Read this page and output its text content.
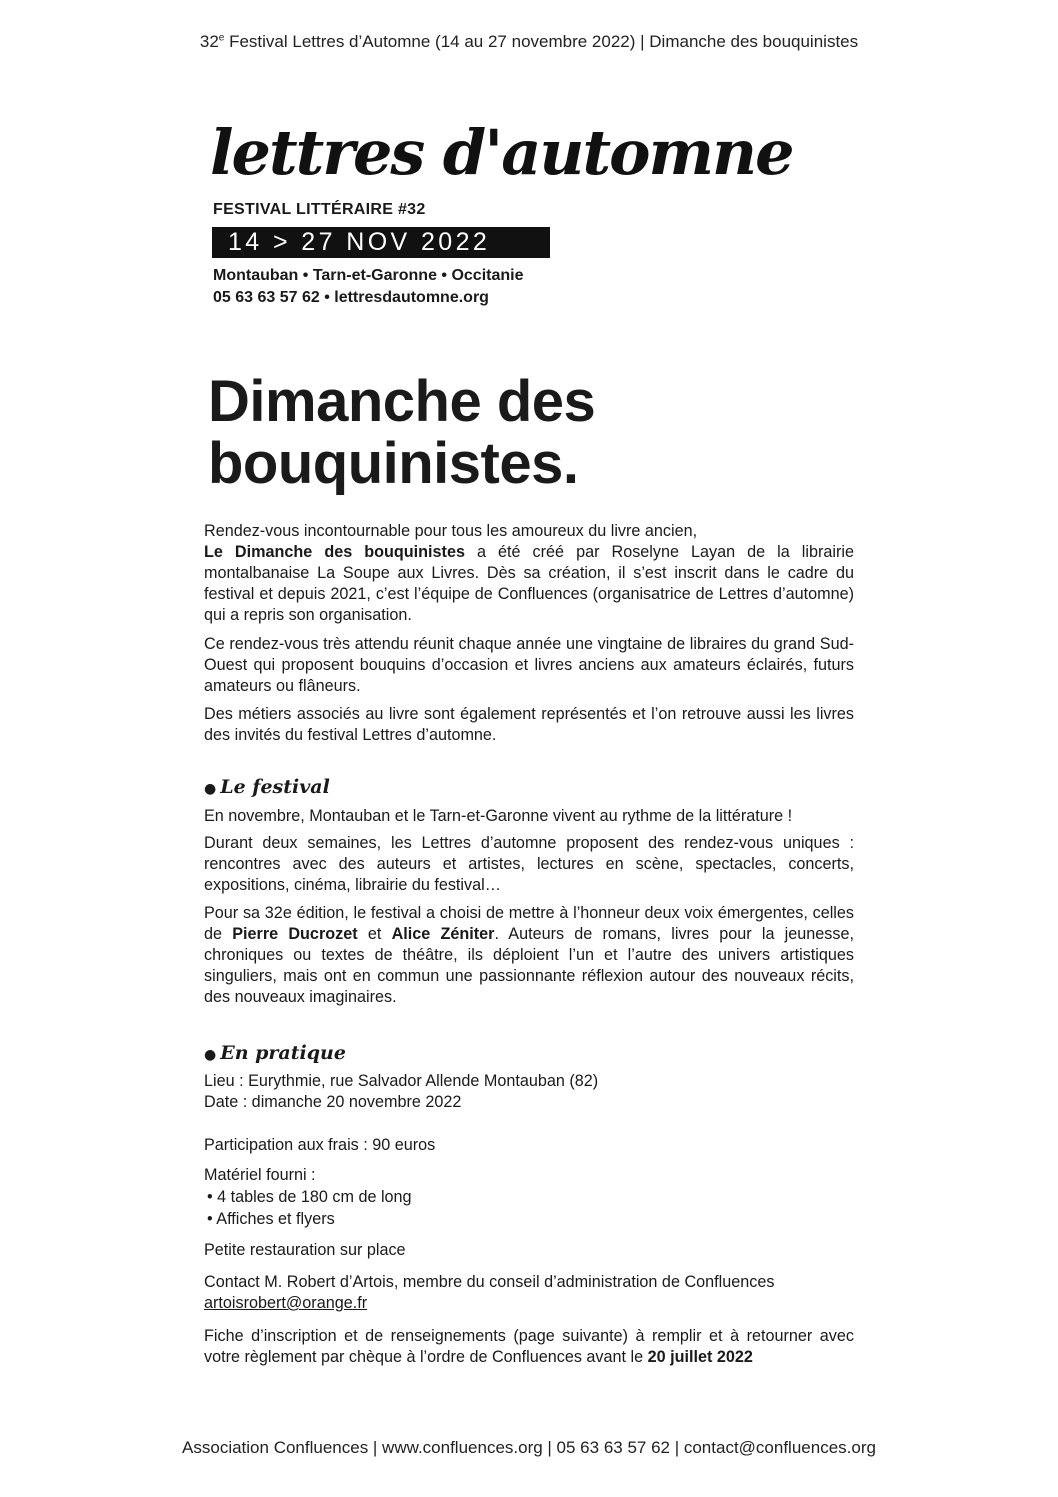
32e Festival Lettres d’Automne (14 au 27 novembre 2022) | Dimanche des bouquinistes
lettres d'automne
FESTIVAL LITTÉRAIRE #32
14 > 27 NOV 2022
Montauban • Tarn-et-Garonne • Occitanie
05 63 63 57 62 • lettresdautomne.org
Dimanche des
bouquinistes.

Rendez-vous incontournable pour tous les amoureux du livre ancien,
Le Dimanche des bouquinistes a été créé par Roselyne Layan de la librairie montalbanaise La Soupe aux Livres. Dès sa création, il s’est inscrit dans le cadre du festival et depuis 2021, c’est l’équipe de Confluences (organisatrice de Lettres d’automne) qui a repris son organisation.

Ce rendez-vous très attendu réunit chaque année une vingtaine de libraires du grand Sud-Ouest qui proposent bouquins d’occasion et livres anciens aux amateurs éclairés, futurs amateurs ou flâneurs.

Des métiers associés au livre sont également représentés et l’on retrouve aussi les livres des invités du festival Lettres d’automne.

● Le festival

En novembre, Montauban et le Tarn-et-Garonne vivent au rythme de la littérature !

Durant deux semaines, les Lettres d’automne proposent des rendez-vous uniques : rencontres avec des auteurs et artistes, lectures en scène, spectacles, concerts, expositions, cinéma, librairie du festival…

Pour sa 32e édition, le festival a choisi de mettre à l’honneur deux voix émergentes, celles de Pierre Ducrozet et Alice Zéniter. Auteurs de romans, livres pour la jeunesse, chroniques ou textes de théâtre, ils déploient l’un et l’autre des univers artistiques singuliers, mais ont en commun une passionnante réflexion autour des nouveaux récits, des nouveaux imaginaires.

● En pratique

Lieu : Eurythmie, rue Salvador Allende Montauban (82)

Date : dimanche 20 novembre 2022

Participation aux frais : 90 euros

Matériel fourni :

• 4 tables de 180 cm de long

• Affiches et flyers

Petite restauration sur place

Contact M. Robert d’Artois, membre du conseil d’administration de Confluences

artoisrobert@orange.fr

Fiche d’inscription et de renseignements (page suivante) à remplir et à retourner avec votre règlement par chèque à l’ordre de Confluences avant le 20 juillet 2022

Association Confluences | www.confluences.org | 05 63 63 57 62 | contact@confluences.org
